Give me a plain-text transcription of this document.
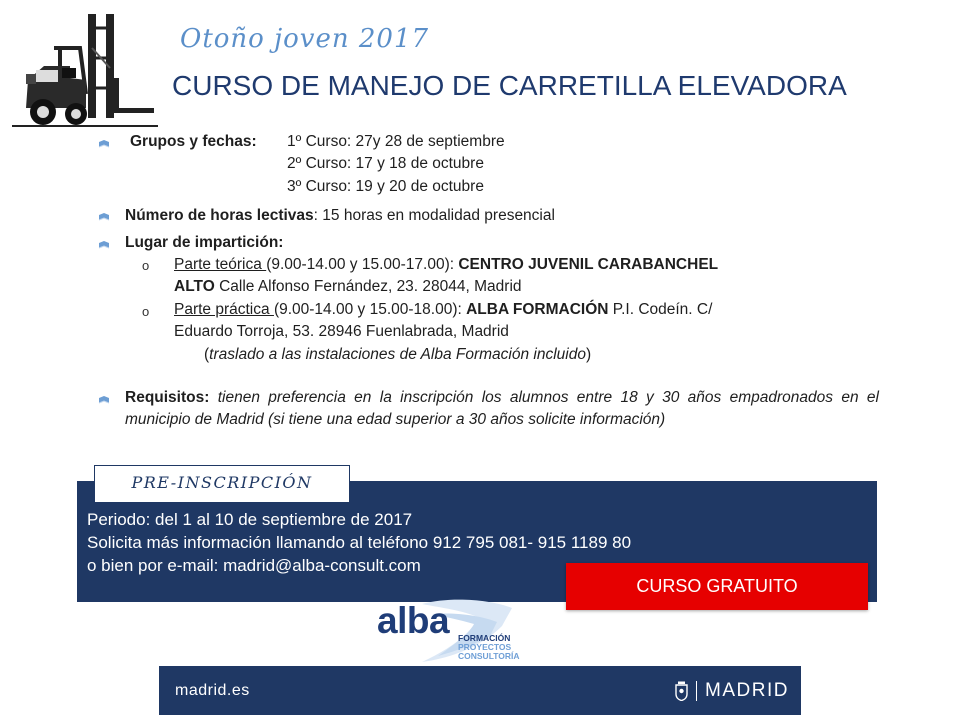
Otoño joven 2017
CURSO DE MANEJO DE CARRETILLA ELEVADORA
Grupos y fechas: 1º Curso: 27y 28 de septiembre
2º Curso: 17 y 18 de octubre
3º Curso: 19 y 20 de octubre
Número de horas lectivas: 15 horas en modalidad presencial
Lugar de impartición:
o Parte teórica (9.00-14.00 y 15.00-17.00): CENTRO JUVENIL CARABANCHEL
ALTO Calle Alfonso Fernández, 23. 28044, Madrid
o Parte práctica (9.00-14.00 y 15.00-18.00): ALBA FORMACIÓN P.I. Codeín. C/
Eduardo Torroja, 53. 28946 Fuenlabrada, Madrid
(traslado a las instalaciones de Alba Formación incluido)
Requisitos: tienen preferencia en la inscripción los alumnos entre 18 y 30 años empadronados en el municipio de Madrid (si tiene una edad superior a 30 años solicite información)
PRE-INSCRIPCIÓN
Periodo: del 1 al 10 de septiembre de 2017
Solicita más información llamando al teléfono 912 795 081- 915 1189 80
o bien por e-mail: madrid@alba-consult.com
CURSO GRATUITO
alba FORMACIÓN
PROYECTOS
CONSULTORÍA
madrid.es	MADRID
